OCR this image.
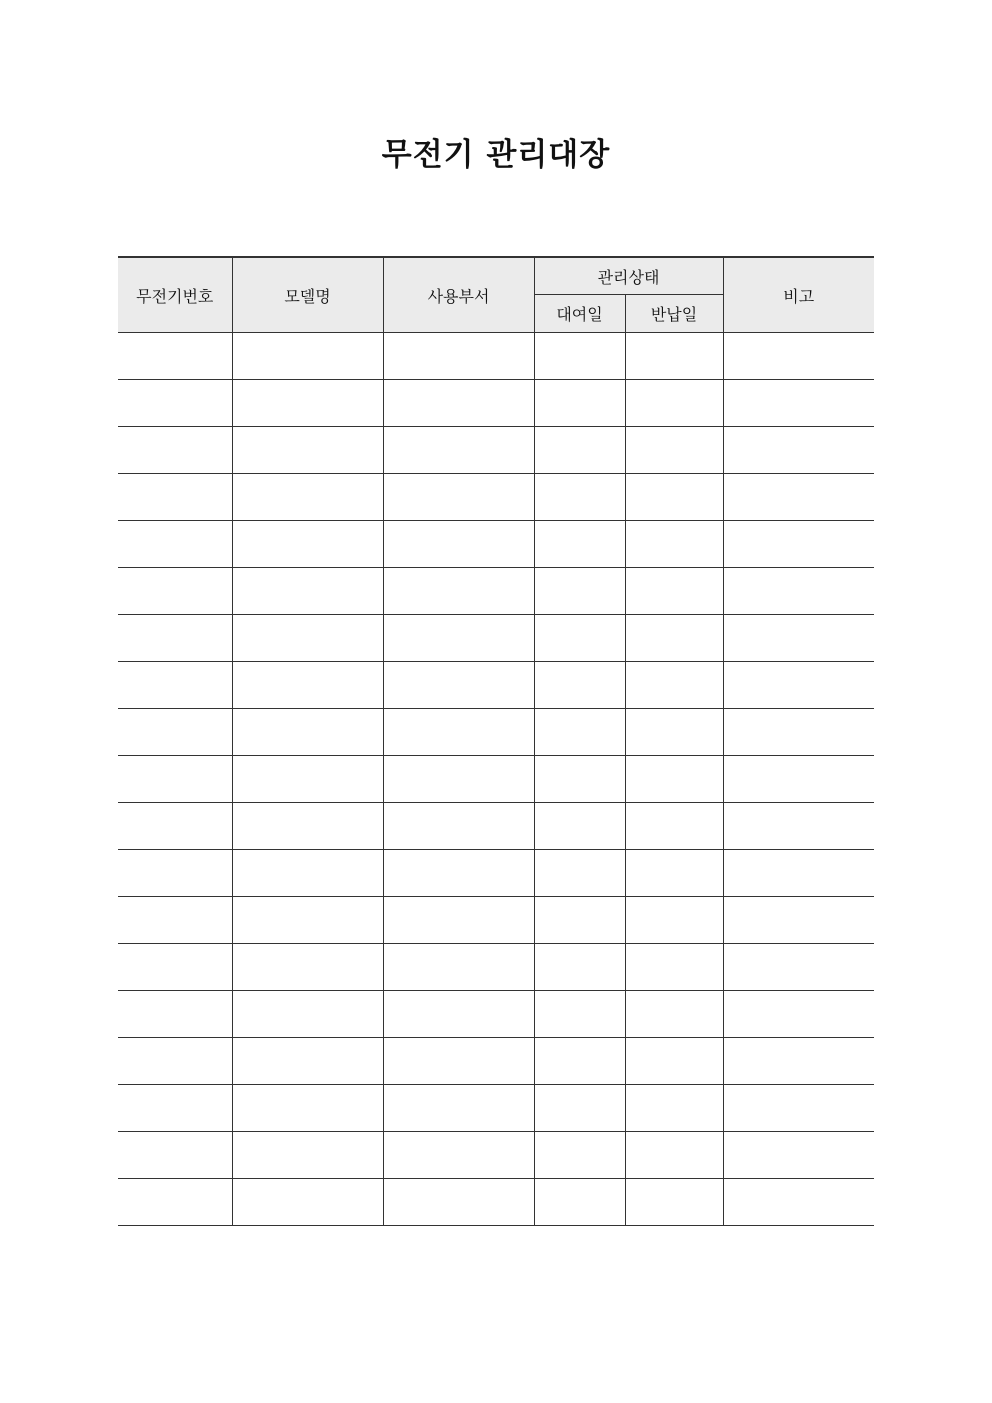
무전기 관리대장
무전기번호	모델명	사용부서	관리상태		비고
			대여일	반납일	
